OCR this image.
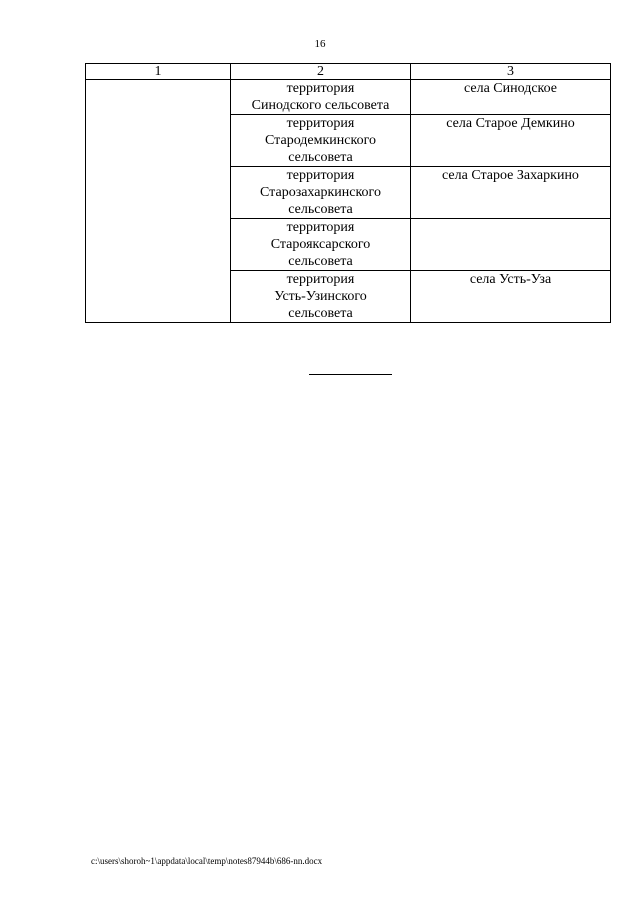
16
1	2	3

	территория
Синодского сельсовета	села Синодское

	территория
Стародемкинского
сельсовета	села Старое Демкино

	территория
Старозахаркинского
сельсовета	села Старое Захаркино

	территория
Старояксарского
сельсовета	

	территория
Усть-Узинского
сельсовета	села Усть-Уза
c:\users\shoroh~1\appdata\local\temp\notes87944b\686-nn.docx
